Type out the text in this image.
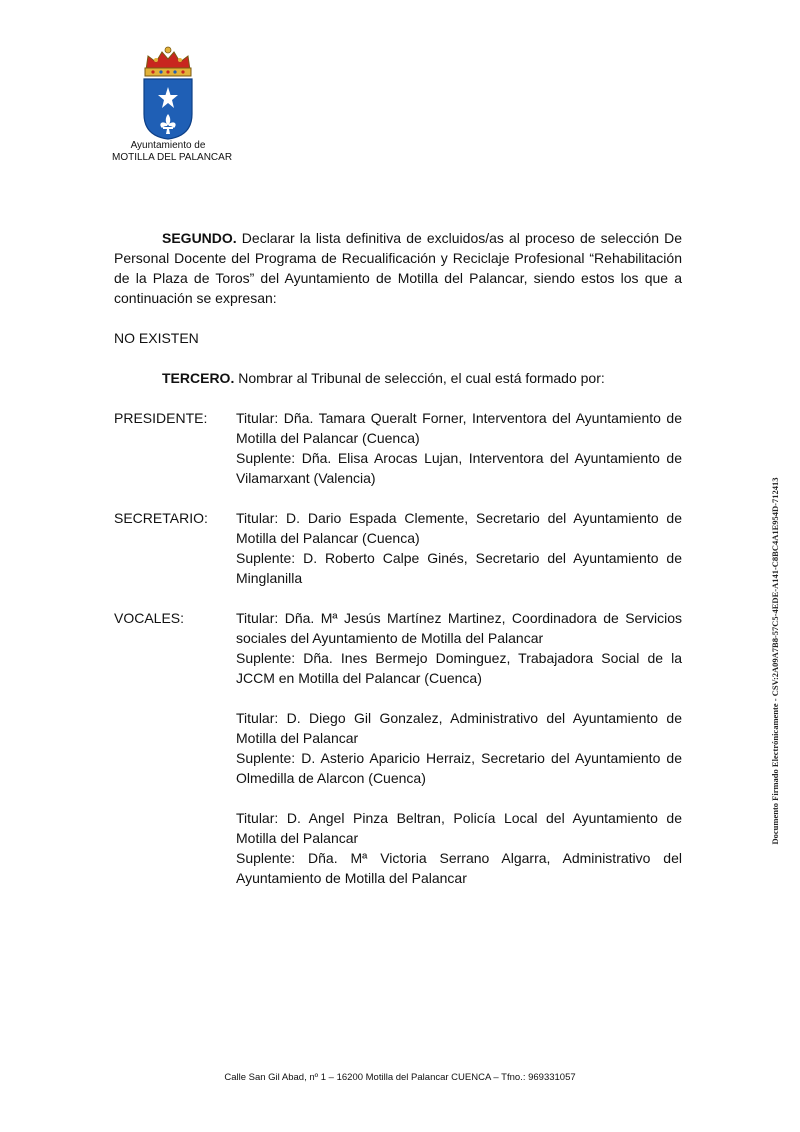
Ayuntamiento de
MOTILLA DEL PALANCAR

SEGUNDO. Declarar la lista definitiva de excluidos/as al proceso de selección De Personal Docente del Programa de Recualificación y Reciclaje Profesional “Rehabilitación de la Plaza de Toros” del Ayuntamiento de Motilla del Palancar, siendo estos los que a continuación se expresan:

NO EXISTEN

TERCERO. Nombrar al Tribunal de selección, el cual está formado por:

PRESIDENTE:	Titular: Dña. Tamara Queralt Forner, Interventora del Ayuntamiento de Motilla del Palancar (Cuenca)
Suplente: Dña. Elisa Arocas Lujan, Interventora del Ayuntamiento de Vilamarxant (Valencia)
SECRETARIO:	Titular: D. Dario Espada Clemente, Secretario del Ayuntamiento de Motilla del Palancar (Cuenca)
Suplente: D. Roberto Calpe Ginés, Secretario del Ayuntamiento de Minglanilla
VOCALES:	Titular: Dña. Mª Jesús Martínez Martinez, Coordinadora de Servicios sociales del Ayuntamiento de Motilla del Palancar
Suplente: Dña. Ines Bermejo Dominguez, Trabajadora Social de la JCCM en Motilla del Palancar (Cuenca)
Titular: D. Diego Gil Gonzalez, Administrativo del Ayuntamiento de Motilla del Palancar
Suplente: D. Asterio Aparicio Herraiz, Secretario del Ayuntamiento de Olmedilla de Alarcon (Cuenca)
Titular: D. Angel Pinza Beltran, Policía Local del Ayuntamiento de Motilla del Palancar
Suplente: Dña. Mª Victoria Serrano Algarra, Administrativo del Ayuntamiento de Motilla del Palancar
Documento Firmado Electrónicamente - CSV:2A09A7B8-57C5-4EDE-A141-C8BC4A1E954D-712413
Calle San Gil Abad, nº 1 – 16200 Motilla del Palancar CUENCA – Tfno.: 969331057
